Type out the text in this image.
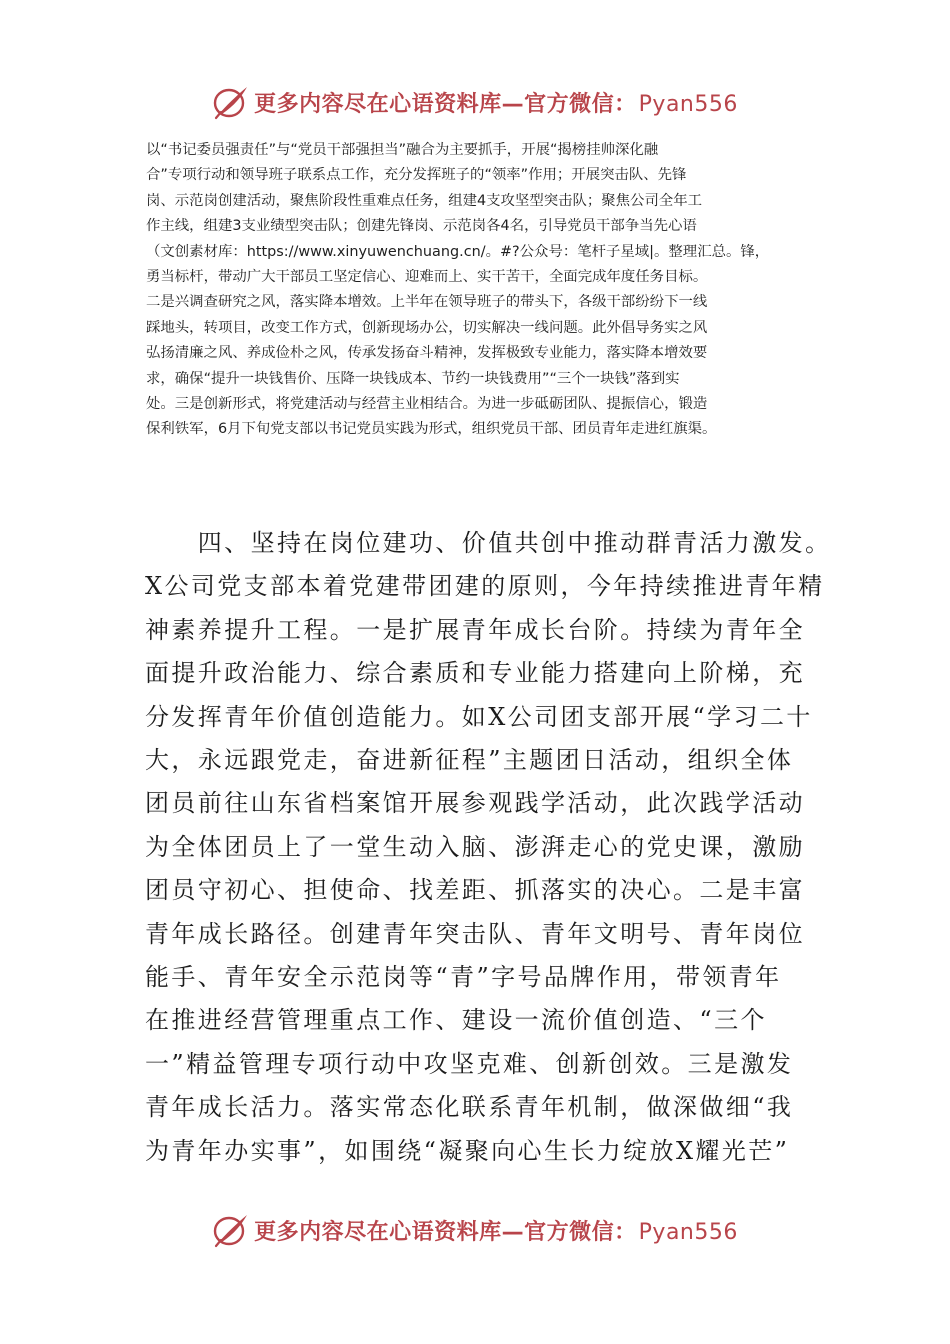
更多内容尽在心语资料库—官方微信：Pyan556

以“书记委员强责任”与“党员干部强担当”融合为主要抓手，开展“揭榜挂帅深化融

合”专项行动和领导班子联系点工作，充分发挥班子的“领率”作用；开展突击队、先锋

岗、示范岗创建活动，聚焦阶段性重难点任务，组建4支攻坚型突击队；聚焦公司全年工

作主线，组建3支业绩型突击队；创建先锋岗、示范岗各4名，引导党员干部争当先心语

（文创素材库：https://www.xinyuwenchuang.cn/。#?公众号：笔杆子星域|。整理汇总。锋，

勇当标杆，带动广大干部员工坚定信心、迎难而上、实干苦干，全面完成年度任务目标。

二是兴调查研究之风，落实降本增效。上半年在领导班子的带头下，各级干部纷纷下一线

踩地头，转项目，改变工作方式，创新现场办公，切实解决一线问题。此外倡导务实之风

弘扬清廉之风、养成俭朴之风，传承发扬奋斗精神，发挥极致专业能力，落实降本增效要

求，确保“提升一块钱售价、压降一块钱成本、节约一块钱费用”“三个一块钱”落到实

处。三是创新形式，将党建活动与经营主业相结合。为进一步砥砺团队、提振信心，锻造

保利铁军，6月下旬党支部以书记党员实践为形式，组织党员干部、团员青年走进红旗渠。

　　四、坚持在岗位建功、价值共创中推动群青活力激发。

X公司党支部本着党建带团建的原则，今年持续推进青年精

神素养提升工程。一是扩展青年成长台阶。持续为青年全

面提升政治能力、综合素质和专业能力搭建向上阶梯，充

分发挥青年价值创造能力。如X公司团支部开展“学习二十

大，永远跟党走，奋进新征程”主题团日活动，组织全体

团员前往山东省档案馆开展参观践学活动，此次践学活动

为全体团员上了一堂生动入脑、澎湃走心的党史课，激励

团员守初心、担使命、找差距、抓落实的决心。二是丰富

青年成长路径。创建青年突击队、青年文明号、青年岗位

能手、青年安全示范岗等“青”字号品牌作用，带领青年

在推进经营管理重点工作、建设一流价值创造、“三个

一”精益管理专项行动中攻坚克难、创新创效。三是激发

青年成长活力。落实常态化联系青年机制，做深做细“我

为青年办实事”，如围绕“凝聚向心生长力绽放X耀光芒”

更多内容尽在心语资料库—官方微信：Pyan556
